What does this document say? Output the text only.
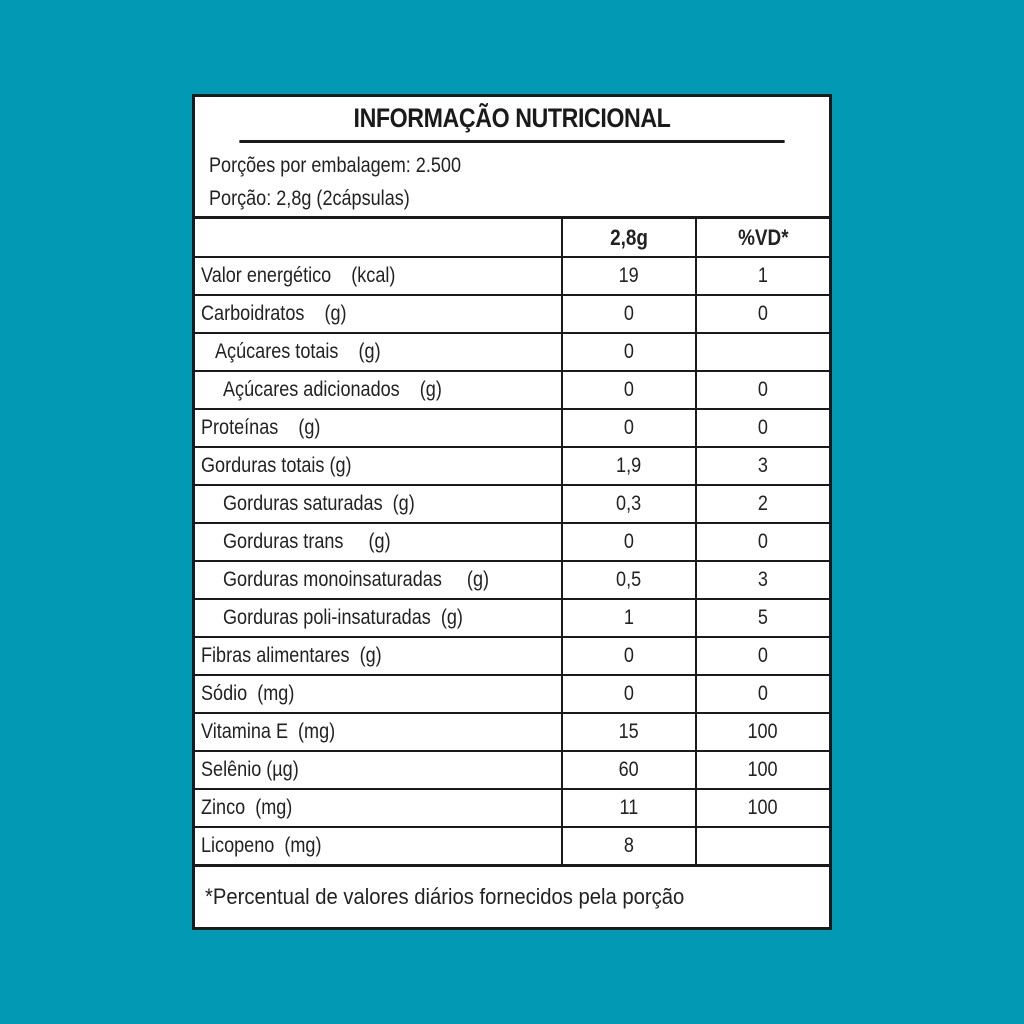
INFORMAÇÃO NUTRICIONAL
Porções por embalagem: 2.500
Porção: 2,8g (2cápsulas)
	2,8g	%VD*
Valor energético    (kcal)	19	1
Carboidratos    (g)	0	0
Açúcares totais    (g)	0	
Açúcares adicionados    (g)	0	0
Proteínas    (g)	0	0
Gorduras totais (g)	1,9	3
Gorduras saturadas  (g)	0,3	2
Gorduras trans     (g)	0	0
Gorduras monoinsaturadas     (g)	0,5	3
Gorduras poli-insaturadas  (g)	1	5
Fibras alimentares  (g)	0	0
Sódio  (mg)	0	0
Vitamina E  (mg)	15	100
Selênio (µg)	60	100
Zinco  (mg)	11	100
Licopeno  (mg)	8	
*Percentual de valores diários fornecidos pela porção
